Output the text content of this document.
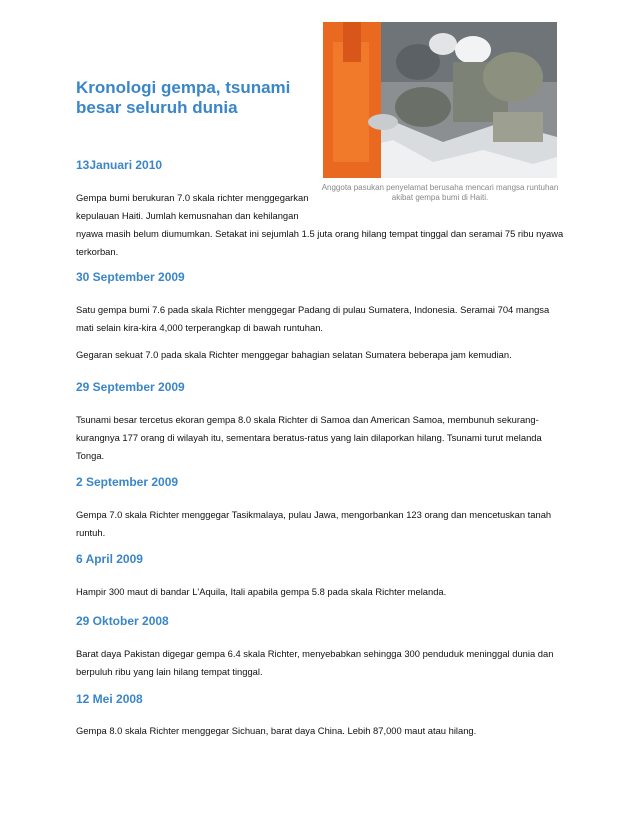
Kronologi gempa, tsunami besar seluruh dunia
Anggota pasukan penyelamat berusaha mencari mangsa runtuhan akibat gempa bumi di Haiti.
13Januari 2010
Gempa bumi berukuran 7.0 skala richter menggegarkan
kepulauan Haiti. Jumlah kemusnahan dan kehilangan
nyawa masih belum diumumkan. Setakat ini sejumlah 1.5 juta orang hilang tempat tinggal dan seramai 75 ribu nyawa
terkorban.
30 September 2009
Satu gempa bumi 7.6 pada skala Richter menggegar Padang di pulau Sumatera, Indonesia. Seramai 704 mangsa
mati selain kira-kira 4,000 terperangkap di bawah runtuhan.
Gegaran sekuat 7.0 pada skala Richter menggegar bahagian selatan Sumatera beberapa jam kemudian.
29 September 2009
Tsunami besar tercetus ekoran gempa 8.0 skala Richter di Samoa dan American Samoa, membunuh sekurang-
kurangnya 177 orang di wilayah itu, sementara beratus-ratus yang lain dilaporkan hilang. Tsunami turut melanda
Tonga.
2 September 2009
Gempa 7.0 skala Richter menggegar Tasikmalaya, pulau Jawa, mengorbankan 123 orang dan mencetuskan tanah
runtuh.
6 April 2009
Hampir 300 maut di bandar L'Aquila, Itali apabila gempa 5.8 pada skala Richter melanda.
29 Oktober 2008
Barat daya Pakistan digegar gempa 6.4 skala Richter, menyebabkan sehingga 300 penduduk meninggal dunia dan
berpuluh ribu yang lain hilang tempat tinggal.
12 Mei 2008
Gempa 8.0 skala Richter menggegar Sichuan, barat daya China. Lebih 87,000 maut atau hilang.
